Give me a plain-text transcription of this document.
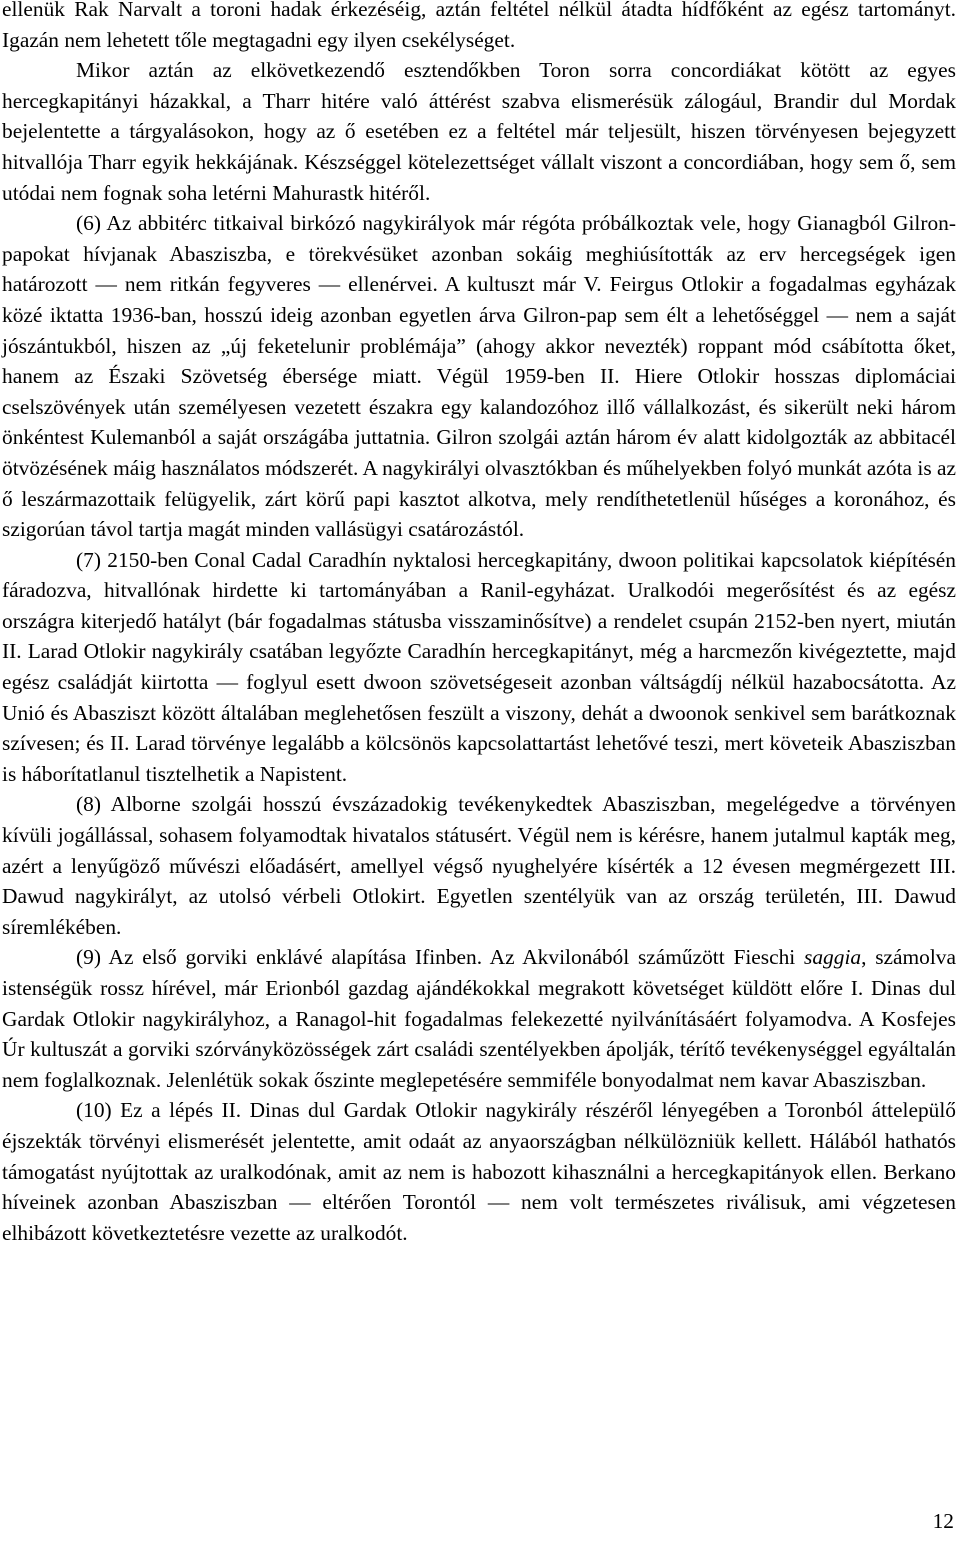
ellenük Rak Narvalt a toroni hadak érkezéséig, aztán feltétel nélkül átadta hídfőként az egész tartományt. Igazán nem lehetett tőle megtagadni egy ilyen csekélységet.

Mikor aztán az elkövetkezendő esztendőkben Toron sorra concordiákat kötött az egyes hercegkapitányi házakkal, a Tharr hitére való áttérést szabva elismerésük zálogául, Brandir dul Mordak bejelentette a tárgyalásokon, hogy az ő esetében ez a feltétel már teljesült, hiszen törvényesen bejegyzett hitvallója Tharr egyik hekkájának. Készséggel kötelezettséget vállalt viszont a concordiában, hogy sem ő, sem utódai nem fognak soha letérni Mahurastk hitéről.

(6) Az abbitérc titkaival birkózó nagykirályok már régóta próbálkoztak vele, hogy Gianagból Gilron-papokat hívjanak Abasziszba, e törekvésüket azonban sokáig meghiúsították az erv hercegségek igen határozott — nem ritkán fegyveres — ellenérvei. A kultuszt már V. Feirgus Otlokir a fogadalmas egyházak közé iktatta 1936-ban, hosszú ideig azonban egyetlen árva Gilron-pap sem élt a lehetőséggel — nem a saját jószántukból, hiszen az „új feketelunir problémája” (ahogy akkor nevezték) roppant mód csábította őket, hanem az Északi Szövetség ébersége miatt. Végül 1959-ben II. Hiere Otlokir hosszas diplomáciai cselszövények után személyesen vezetett északra egy kalandozóhoz illő vállalkozást, és sikerült neki három önkéntest Kulemanból a saját országába juttatnia. Gilron szolgái aztán három év alatt kidolgozták az abbitacél ötvözésének máig használatos módszerét. A nagykirályi olvasztókban és műhelyekben folyó munkát azóta is az ő leszármazottaik felügyelik, zárt körű papi kasztot alkotva, mely rendíthetetlenül hűséges a koronához, és szigorúan távol tartja magát minden vallásügyi csatározástól.

(7) 2150-ben Conal Cadal Caradhín nyktalosi hercegkapitány, dwoon politikai kapcsolatok kiépítésén fáradozva, hitvallónak hirdette ki tartományában a Ranil-egyházat. Uralkodói megerősítést és az egész országra kiterjedő hatályt (bár fogadalmas státusba visszaminősítve) a rendelet csupán 2152-ben nyert, miután II. Larad Otlokir nagykirály csatában legyőzte Caradhín hercegkapitányt, még a harcmezőn kivégeztette, majd egész családját kiirtotta — foglyul esett dwoon szövetségeseit azonban váltságdíj nélkül hazabocsátotta. Az Unió és Abasziszt között általában meglehetősen feszült a viszony, dehát a dwoonok senkivel sem barátkoznak szívesen; és II. Larad törvénye legalább a kölcsönös kapcsolattartást lehetővé teszi, mert követeik Abasziszban is háborítatlanul tisztelhetik a Napistent.

(8) Alborne szolgái hosszú évszázadokig tevékenykedtek Abasziszban, megelégedve a törvényen kívüli jogállással, sohasem folyamodtak hivatalos státusért. Végül nem is kérésre, hanem jutalmul kapták meg, azért a lenyűgöző művészi előadásért, amellyel végső nyughelyére kísérték a 12 évesen megmérgezett III. Dawud nagykirályt, az utolsó vérbeli Otlokirt. Egyetlen szentélyük van az ország területén, III. Dawud síremlékében.

(9) Az első gorviki enklávé alapítása Ifinben. Az Akvilonából száműzött Fieschi saggia, számolva istenségük rossz hírével, már Erionból gazdag ajándékokkal megrakott követséget küldött előre I. Dinas dul Gardak Otlokir nagykirályhoz, a Ranagol-hit fogadalmas felekezetté nyilvánításáért folyamodva. A Kosfejes Úr kultuszát a gorviki szórványközösségek zárt családi szentélyekben ápolják, térítő tevékenységgel egyáltalán nem foglalkoznak. Jelenlétük sokak őszinte meglepetésére semmiféle bonyodalmat nem kavar Abasziszban.

(10) Ez a lépés II. Dinas dul Gardak Otlokir nagykirály részéről lényegében a Toronból áttelepülő éjszekták törvényi elismerését jelentette, amit odaát az anyaországban nélkülözniük kellett. Hálából hathatós támogatást nyújtottak az uralkodónak, amit az nem is habozott kihasználni a hercegkapitányok ellen. Berkano híveinek azonban Abasziszban — eltérően Torontól — nem volt természetes riválisuk, ami végzetesen elhibázott következtetésre vezette az uralkodót.

12
